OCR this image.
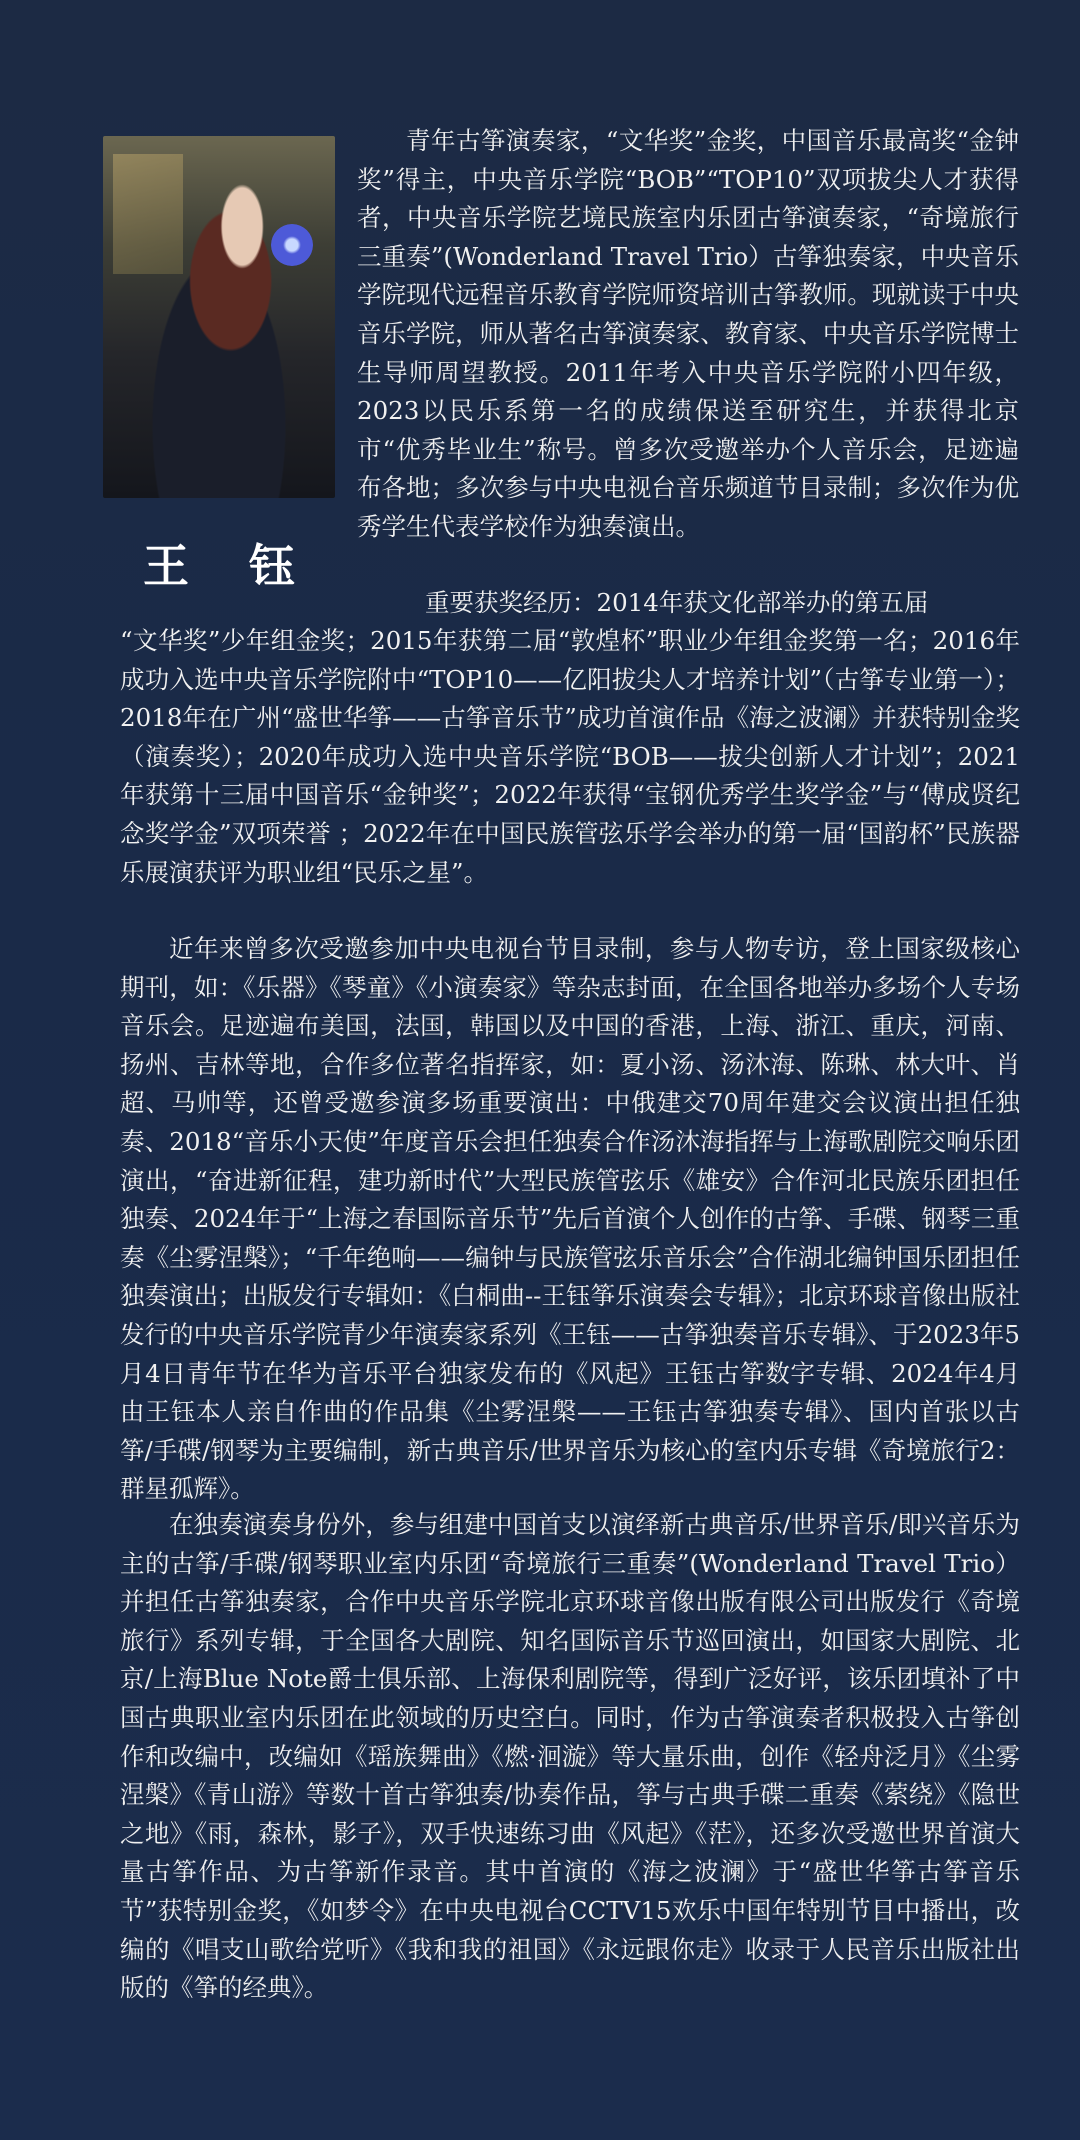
王 钰
青年古筝演奏家，“文华奖”金奖，中国音乐最高奖“金钟奖”得主，中央音乐学院“BOB”“TOP10”双项拔尖人才获得者，中央音乐学院艺境民族室内乐团古筝演奏家，“奇境旅行三重奏”(Wonderland Travel Trio）古筝独奏家，中央音乐学院现代远程音乐教育学院师资培训古筝教师。现就读于中央音乐学院，师从著名古筝演奏家、教育家、中央音乐学院博士生导师周望教授。2011年考入中央音乐学院附小四年级，2023以民乐系第一名的成绩保送至研究生，并获得北京市“优秀毕业生”称号。曾多次受邀举办个人音乐会，足迹遍布各地；多次参与中央电视台音乐频道节目录制；多次作为优秀学生代表学校作为独奏演出。
重要获奖经历：2014年获文化部举办的第五届
“文华奖”少年组金奖；2015年获第二届“敦煌杯”职业少年组金奖第一名；2016年成功入选中央音乐学院附中“TOP10——亿阳拔尖人才培养计划”（古筝专业第一）；2018年在广州“盛世华筝——古筝音乐节”成功首演作品《海之波澜》并获特别金奖（演奏奖）；2020年成功入选中央音乐学院“BOB——拔尖创新人才计划”；2021年获第十三届中国音乐“金钟奖”；2022年获得“宝钢优秀学生奖学金”与“傅成贤纪念奖学金”双项荣誉 ；2022年在中国民族管弦乐学会举办的第一届“国韵杯”民族器乐展演获评为职业组“民乐之星”。
近年来曾多次受邀参加中央电视台节目录制，参与人物专访，登上国家级核心期刊，如：《乐器》《琴童》《小演奏家》等杂志封面，在全国各地举办多场个人专场音乐会。足迹遍布美国，法国，韩国以及中国的香港，上海、浙江、重庆，河南、扬州、吉林等地，合作多位著名指挥家，如：夏小汤、汤沐海、陈琳、林大叶、肖超、马帅等，还曾受邀参演多场重要演出：中俄建交70周年建交会议演出担任独奏、2018“音乐小天使”年度音乐会担任独奏合作汤沐海指挥与上海歌剧院交响乐团演出，“奋进新征程，建功新时代”大型民族管弦乐《雄安》合作河北民族乐团担任独奏、2024年于“上海之春国际音乐节”先后首演个人创作的古筝、手碟、钢琴三重奏《尘雾涅槃》；“千年绝响——编钟与民族管弦乐音乐会”合作湖北编钟国乐团担任独奏演出；出版发行专辑如：《白桐曲--王钰筝乐演奏会专辑》；北京环球音像出版社发行的中央音乐学院青少年演奏家系列《王钰——古筝独奏音乐专辑》、于2023年5月4日青年节在华为音乐平台独家发布的《风起》王钰古筝数字专辑、2024年4月由王钰本人亲自作曲的作品集《尘雾涅槃——王钰古筝独奏专辑》、国内首张以古筝/手碟/钢琴为主要编制，新古典音乐/世界音乐为核心的室内乐专辑《奇境旅行2：群星孤辉》。
在独奏演奏身份外，参与组建中国首支以演绎新古典音乐/世界音乐/即兴音乐为主的古筝/手碟/钢琴职业室内乐团“奇境旅行三重奏”(Wonderland Travel Trio）并担任古筝独奏家，合作中央音乐学院北京环球音像出版有限公司出版发行《奇境旅行》系列专辑，于全国各大剧院、知名国际音乐节巡回演出，如国家大剧院、北京/上海Blue Note爵士俱乐部、上海保利剧院等，得到广泛好评，该乐团填补了中国古典职业室内乐团在此领域的历史空白。同时，作为古筝演奏者积极投入古筝创作和改编中，改编如《瑶族舞曲》《燃·洄漩》等大量乐曲，创作《轻舟泛月》《尘雾涅槃》《青山游》等数十首古筝独奏/协奏作品，筝与古典手碟二重奏《萦绕》《隐世之地》《雨，森林，影子》，双手快速练习曲《风起》《茫》，还多次受邀世界首演大量古筝作品、为古筝新作录音。其中首演的《海之波澜》于“盛世华筝古筝音乐节”获特别金奖，《如梦令》在中央电视台CCTV15欢乐中国年特别节目中播出，改编的《唱支山歌给党听》《我和我的祖国》《永远跟你走》收录于人民音乐出版社出版的《筝的经典》。
